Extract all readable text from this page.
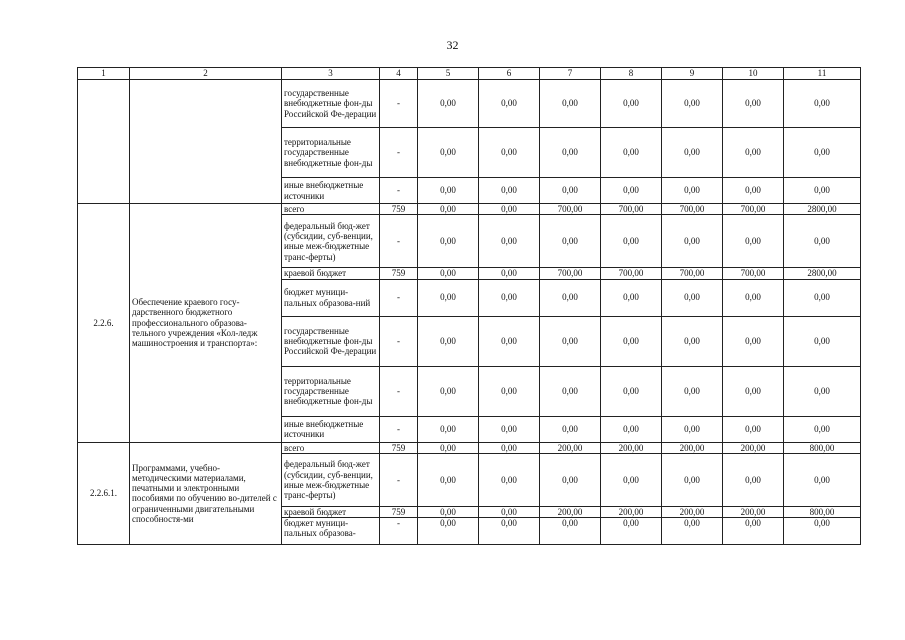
32
1	2	3	4	5	6	7	8	9	10	11
		государственные внебюджетные фон-ды Российской Фе-дерации	-	0,00	0,00	0,00	0,00	0,00	0,00	0,00
		территориальные государственные внебюджетные фон-ды	-	0,00	0,00	0,00	0,00	0,00	0,00	0,00
		иные внебюджетные источники	-	0,00	0,00	0,00	0,00	0,00	0,00	0,00
2.2.6.	Обеспечение краевого госу-дарственного бюджетного профессионального образова-тельного учреждения «Кол-ледж машиностроения и транспорта»:	всего	759	0,00	0,00	700,00	700,00	700,00	700,00	2800,00
		федеральный бюд-жет (субсидии, суб-венции, иные меж-бюджетные транс-ферты)	-	0,00	0,00	0,00	0,00	0,00	0,00	0,00
		краевой бюджет	759	0,00	0,00	700,00	700,00	700,00	700,00	2800,00
		бюджет муници-пальных образова-ний	-	0,00	0,00	0,00	0,00	0,00	0,00	0,00
		государственные внебюджетные фон-ды Российской Фе-дерации	-	0,00	0,00	0,00	0,00	0,00	0,00	0,00
		территориальные государственные внебюджетные фон-ды	-	0,00	0,00	0,00	0,00	0,00	0,00	0,00
		иные внебюджетные источники	-	0,00	0,00	0,00	0,00	0,00	0,00	0,00
2.2.6.1.	Программами, учебно-методическими материалами, печатными и электронными пособиями по обучению во-дителей с ограниченными двигательными способностя-ми	всего	759	0,00	0,00	200,00	200,00	200,00	200,00	800,00
		федеральный бюд-жет (субсидии, суб-венции, иные меж-бюджетные транс-ферты)	-	0,00	0,00	0,00	0,00	0,00	0,00	0,00
		краевой бюджет	759	0,00	0,00	200,00	200,00	200,00	200,00	800,00
		бюджет муници-пальных образова-	-	0,00	0,00	0,00	0,00	0,00	0,00	0,00
